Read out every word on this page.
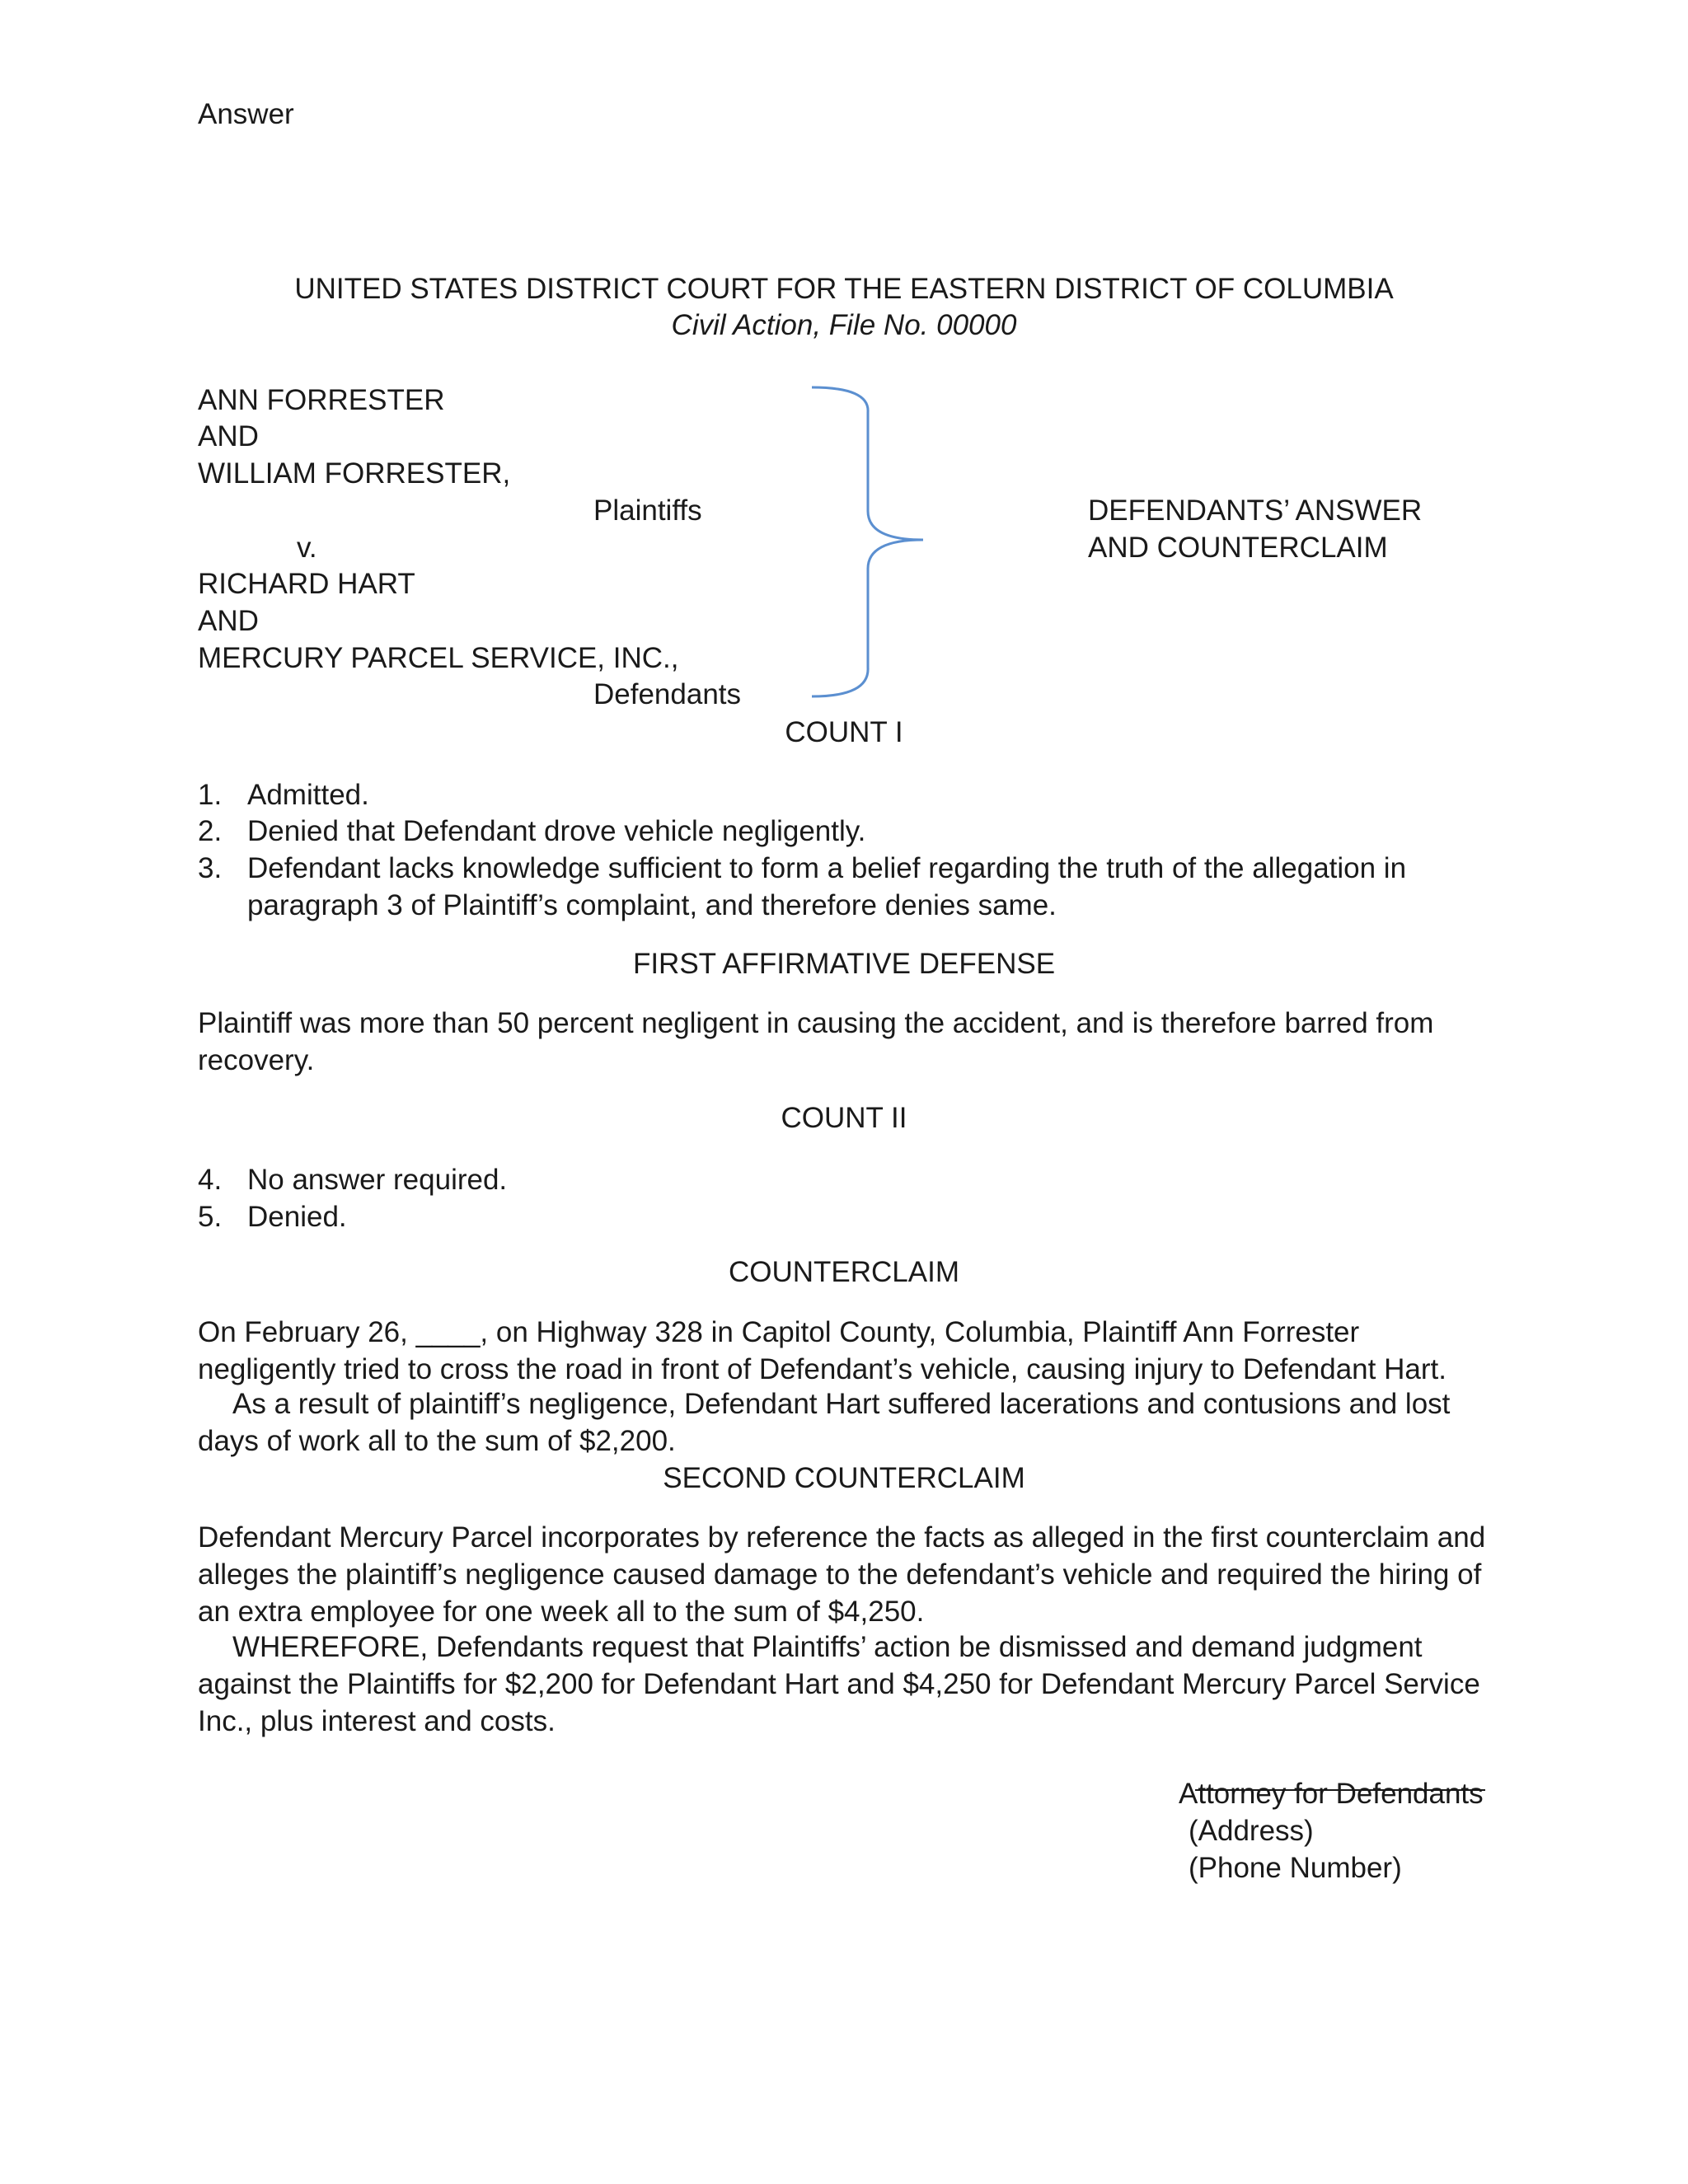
Answer
UNITED STATES DISTRICT COURT FOR THE EASTERN DISTRICT OF COLUMBIA
Civil Action, File No. 00000
ANN FORRESTER
AND
WILLIAM FORRESTER,
Plaintiffs
v.
RICHARD HART
AND
MERCURY PARCEL SERVICE, INC.,
Defendants
DEFENDANTS’ ANSWER
AND COUNTERCLAIM
COUNT I
1. Admitted.
2. Denied that Defendant drove vehicle negligently.
3. Defendant lacks knowledge sufficient to form a belief regarding the truth of the allegation in paragraph 3 of Plaintiff’s complaint, and therefore denies same.
FIRST AFFIRMATIVE DEFENSE
Plaintiff was more than 50 percent negligent in causing the accident, and is therefore barred from recovery.
COUNT II
4. No answer required.
5. Denied.
COUNTERCLAIM
On February 26, ____, on Highway 328 in Capitol County, Columbia, Plaintiff Ann Forrester negligently tried to cross the road in front of Defendant’s vehicle, causing injury to Defendant Hart.
As a result of plaintiff’s negligence, Defendant Hart suffered lacerations and contusions and lost days of work all to the sum of $2,200.
SECOND COUNTERCLAIM
Defendant Mercury Parcel incorporates by reference the facts as alleged in the first counterclaim and alleges the plaintiff’s negligence caused damage to the defendant’s vehicle and required the hiring of an extra employee for one week all to the sum of $4,250.
WHEREFORE, Defendants request that Plaintiffs’ action be dismissed and demand judgment against the Plaintiffs for $2,200 for Defendant Hart and $4,250 for Defendant Mercury Parcel Service Inc., plus interest and costs.
Attorney for Defendants
(Address)
(Phone Number)
